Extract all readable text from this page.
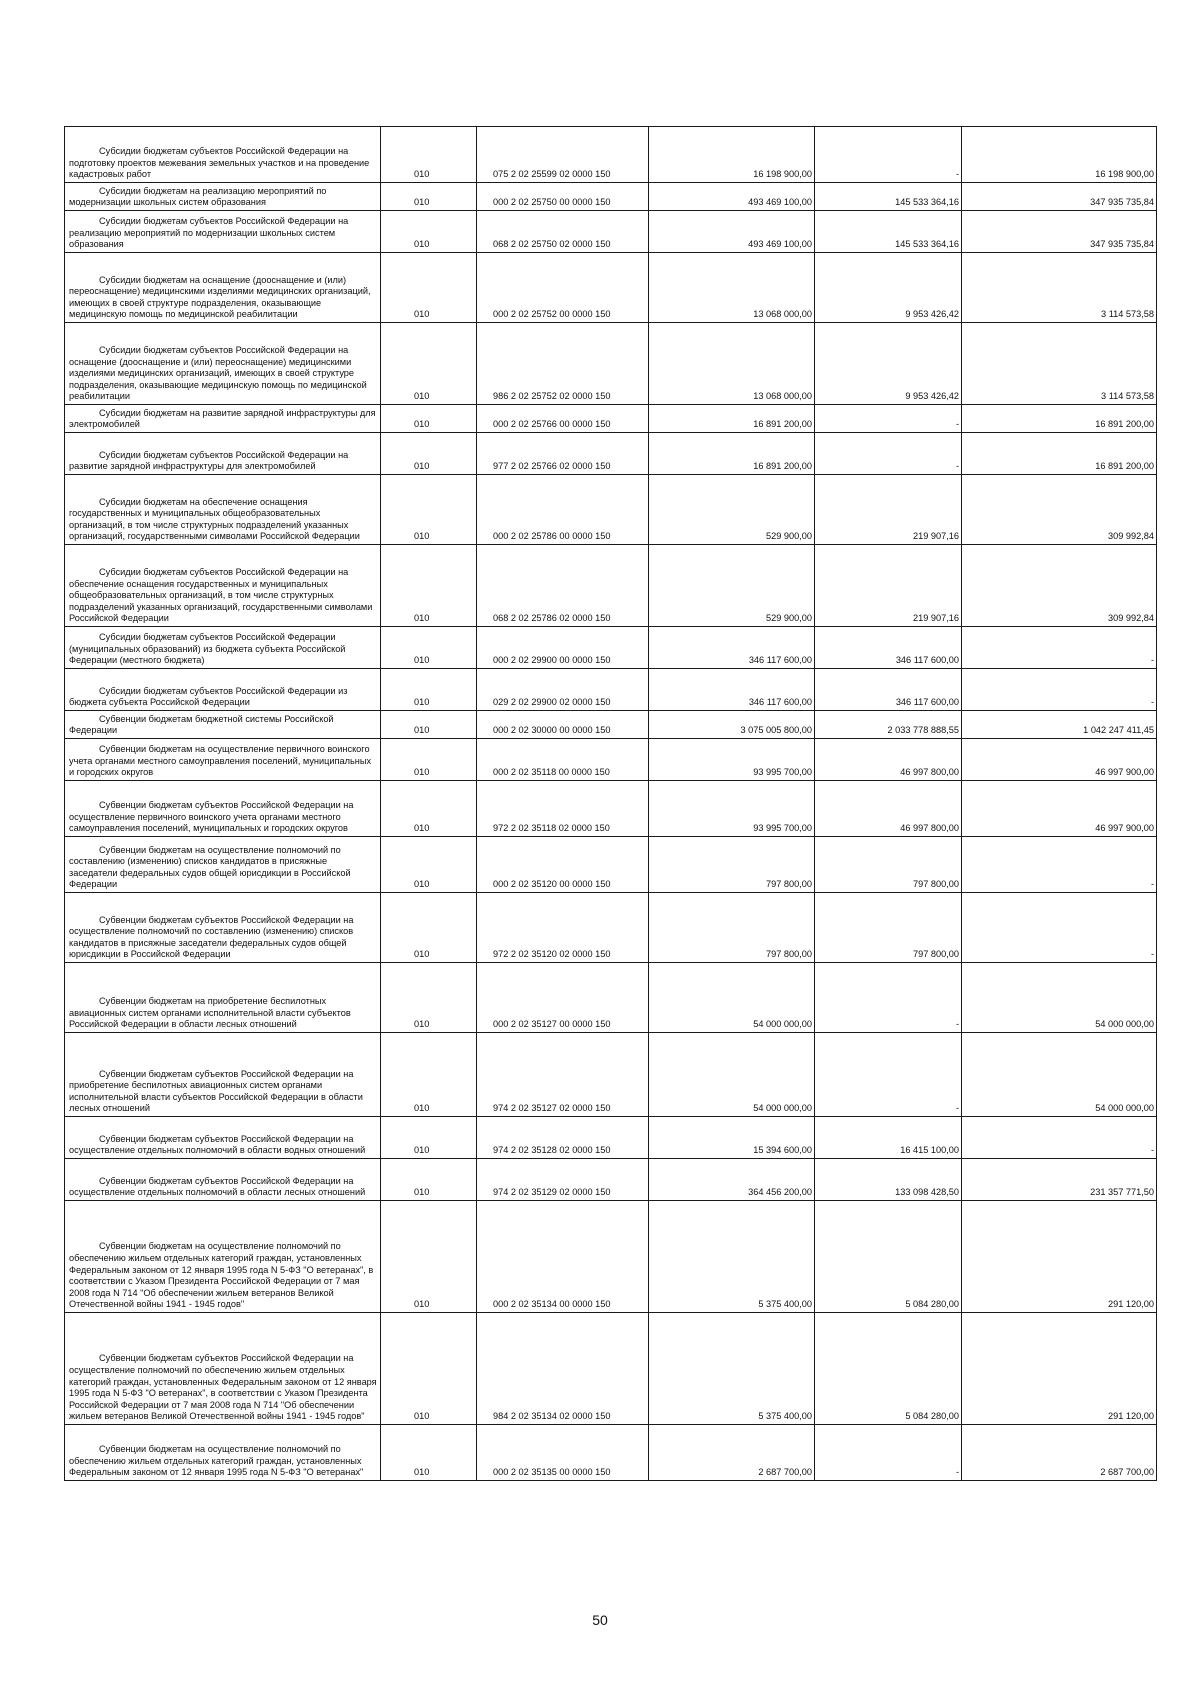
Субсидии бюджетам субъектов Российской Федерации на подготовку проектов межевания земельных участков и на проведение кадастровых работ	010	075 2 02 25599 02 0000 150	16 198 900,00	-	16 198 900,00

Субсидии бюджетам на реализацию мероприятий по модернизации школьных систем образования	010	000 2 02 25750 00 0000 150	493 469 100,00	145 533 364,16	347 935 735,84

Субсидии бюджетам субъектов Российской Федерации на реализацию мероприятий по модернизации школьных систем образования	010	068 2 02 25750 02 0000 150	493 469 100,00	145 533 364,16	347 935 735,84

Субсидии бюджетам на оснащение (дооснащение и (или) переоснащение) медицинскими изделиями медицинских организаций, имеющих в своей структуре подразделения, оказывающие медицинскую помощь по медицинской реабилитации	010	000 2 02 25752 00 0000 150	13 068 000,00	9 953 426,42	3 114 573,58

Субсидии бюджетам субъектов Российской Федерации на оснащение (дооснащение и (или) переоснащение) медицинскими изделиями медицинских организаций, имеющих в своей структуре подразделения, оказывающие медицинскую помощь по медицинской реабилитации	010	986 2 02 25752 02 0000 150	13 068 000,00	9 953 426,42	3 114 573,58

Субсидии бюджетам на развитие зарядной инфраструктуры для электромобилей	010	000 2 02 25766 00 0000 150	16 891 200,00	-	16 891 200,00

Субсидии бюджетам субъектов Российской Федерации на развитие зарядной инфраструктуры для электромобилей	010	977 2 02 25766 02 0000 150	16 891 200,00	-	16 891 200,00

Субсидии бюджетам на обеспечение оснащения государственных и муниципальных общеобразовательных организаций, в том числе структурных подразделений указанных организаций, государственными символами Российской Федерации	010	000 2 02 25786 00 0000 150	529 900,00	219 907,16	309 992,84

Субсидии бюджетам субъектов Российской Федерации на обеспечение оснащения государственных и муниципальных общеобразовательных организаций, в том числе структурных подразделений указанных организаций, государственными символами Российской Федерации	010	068 2 02 25786 02 0000 150	529 900,00	219 907,16	309 992,84

Субсидии бюджетам субъектов Российской Федерации (муниципальных образований) из бюджета субъекта Российской Федерации (местного бюджета)	010	000 2 02 29900 00 0000 150	346 117 600,00	346 117 600,00	-

Субсидии бюджетам субъектов Российской Федерации из бюджета субъекта Российской Федерации	010	029 2 02 29900 02 0000 150	346 117 600,00	346 117 600,00	-

Субвенции бюджетам бюджетной системы Российской Федерации	010	000 2 02 30000 00 0000 150	3 075 005 800,00	2 033 778 888,55	1 042 247 411,45

Субвенции бюджетам на осуществление первичного воинского учета органами местного самоуправления поселений, муниципальных и городских округов	010	000 2 02 35118 00 0000 150	93 995 700,00	46 997 800,00	46 997 900,00

Субвенции бюджетам субъектов Российской Федерации на осуществление первичного воинского учета органами местного самоуправления поселений, муниципальных и городских округов	010	972 2 02 35118 02 0000 150	93 995 700,00	46 997 800,00	46 997 900,00

Субвенции бюджетам на осуществление полномочий по составлению (изменению) списков кандидатов в присяжные заседатели федеральных судов общей юрисдикции в Российской Федерации	010	000 2 02 35120 00 0000 150	797 800,00	797 800,00	-

Субвенции бюджетам субъектов Российской Федерации на осуществление полномочий по составлению (изменению) списков кандидатов в присяжные заседатели федеральных судов общей юрисдикции в Российской Федерации	010	972 2 02 35120 02 0000 150	797 800,00	797 800,00	-

Субвенции бюджетам на приобретение беспилотных авиационных систем органами исполнительной власти субъектов Российской Федерации в области лесных отношений	010	000 2 02 35127 00 0000 150	54 000 000,00	-	54 000 000,00

Субвенции бюджетам субъектов Российской Федерации на приобретение беспилотных авиационных систем органами исполнительной власти субъектов Российской Федерации в области лесных отношений	010	974 2 02 35127 02 0000 150	54 000 000,00	-	54 000 000,00

Субвенции бюджетам субъектов Российской Федерации на осуществление отдельных полномочий в области водных отношений	010	974 2 02 35128 02 0000 150	15 394 600,00	16 415 100,00	-

Субвенции бюджетам субъектов Российской Федерации на осуществление отдельных полномочий в области лесных отношений	010	974 2 02 35129 02 0000 150	364 456 200,00	133 098 428,50	231 357 771,50

Субвенции бюджетам на осуществление полномочий по обеспечению жильем отдельных категорий граждан, установленных Федеральным законом от 12 января 1995 года N 5-ФЗ "О ветеранах", в соответствии с Указом Президента Российской Федерации от 7 мая 2008 года N 714 "Об обеспечении жильем ветеранов Великой Отечественной войны 1941 - 1945 годов"	010	000 2 02 35134 00 0000 150	5 375 400,00	5 084 280,00	291 120,00

Субвенции бюджетам субъектов Российской Федерации на осуществление полномочий по обеспечению жильем отдельных категорий граждан, установленных Федеральным законом от 12 января 1995 года N 5-ФЗ "О ветеранах", в соответствии с Указом Президента Российской Федерации от 7 мая 2008 года N 714 "Об обеспечении жильем ветеранов Великой Отечественной войны 1941 - 1945 годов"	010	984 2 02 35134 02 0000 150	5 375 400,00	5 084 280,00	291 120,00

Субвенции бюджетам на осуществление полномочий по обеспечению жильем отдельных категорий граждан, установленных Федеральным законом от 12 января 1995 года N 5-ФЗ "О ветеранах"	010	000 2 02 35135 00 0000 150	2 687 700,00	-	2 687 700,00
50
